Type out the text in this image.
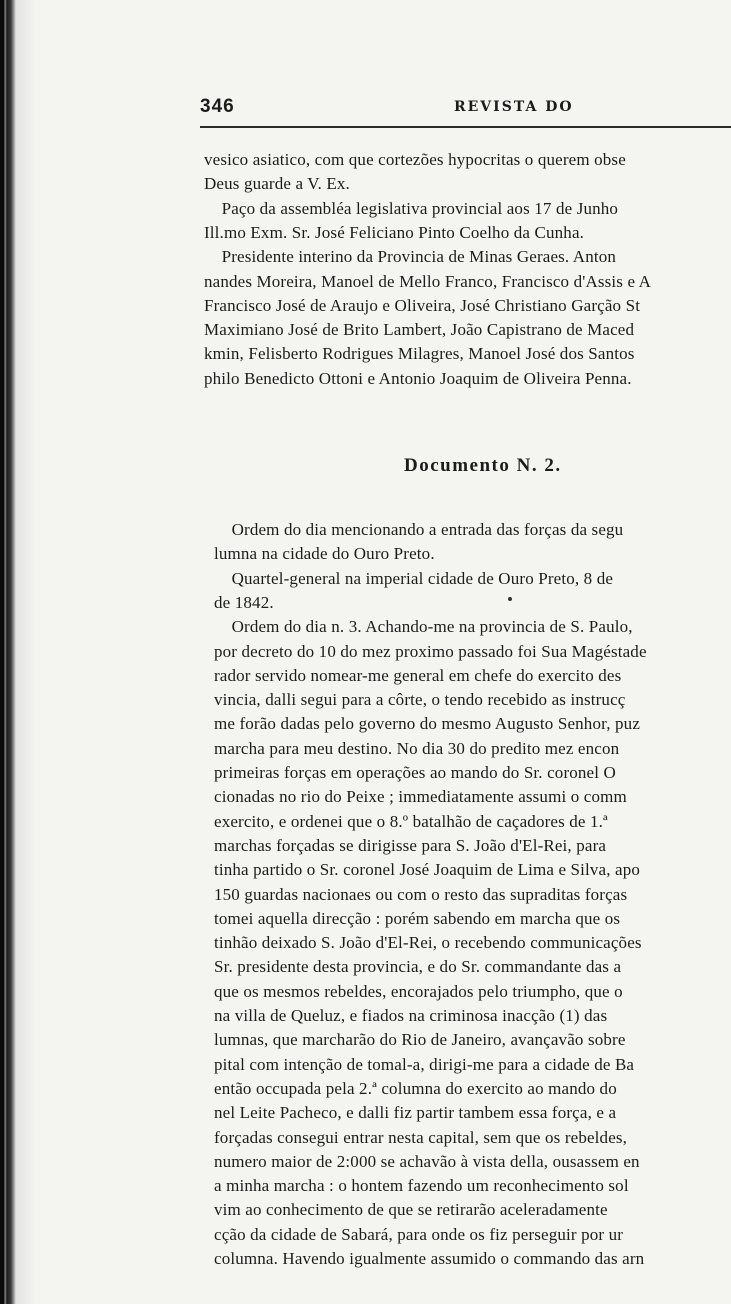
346	REVISTA DO
vesico asiatico, com que cortezões hypocritas o querem obse
Deus guarde a V. Ex.
Paço da assembléa legislativa provincial aos 17 de Junho
Ill.mo Exm. Sr. José Feliciano Pinto Coelho da Cunha.
Presidente interino da Provincia de Minas Geraes. Anton
nandes Moreira, Manoel de Mello Franco, Francisco d'Assis e A
Francisco José de Araujo e Oliveira, José Christiano Garção St
Maximiano José de Brito Lambert, João Capistrano de Maced
kmin, Felisberto Rodrigues Milagres, Manoel José dos Santos
philo Benedicto Ottoni e Antonio Joaquim de Oliveira Penna.
Documento N. 2.
Ordem do dia mencionando a entrada das forças da segu
lumna na cidade do Ouro Preto.
Quartel-general na imperial cidade de Ouro Preto, 8 de
de 1842.
Ordem do dia n. 3. Achando-me na provincia de S. Paulo,
por decreto do 10 do mez proximo passado foi Sua Magéstade
rador servido nomear-me general em chefe do exercito des
vincia, dalli segui para a côrte, o tendo recebido as instrucç
me forão dadas pelo governo do mesmo Augusto Senhor, puz
marcha para meu destino. No dia 30 do predito mez encon
primeiras forças em operações ao mando do Sr. coronel O
cionadas no rio do Peixe ; immediatamente assumi o comm
exercito, e ordenei que o 8.º batalhão de caçadores de 1.ª
marchas forçadas se dirigisse para S. João d'El-Rei, para
tinha partido o Sr. coronel José Joaquim de Lima e Silva, apo
150 guardas nacionaes ou com o resto das supraditas forças
tomei aquella direcção : porém sabendo em marcha que os
tinhão deixado S. João d'El-Rei, o recebendo communicações
Sr. presidente desta provincia, e do Sr. commandante das a
que os mesmos rebeldes, encorajados pelo triumpho, que o
na villa de Queluz, e fiados na criminosa inacção (1) das
lumnas, que marcharão do Rio de Janeiro, avançavão sobre
pital com intenção de tomal-a, dirigi-me para a cidade de Ba
então occupada pela 2.ª columna do exercito ao mando do
nel Leite Pacheco, e dalli fiz partir tambem essa força, e a
forçadas consegui entrar nesta capital, sem que os rebeldes,
numero maior de 2:000 se achavão à vista della, ousassem en
a minha marcha : o hontem fazendo um reconhecimento sol
vim ao conhecimento de que se retirarão aceleradamente
cção da cidade de Sabará, para onde os fiz perseguir por ur
columna. Havendo igualmente assumido o commando das arn
